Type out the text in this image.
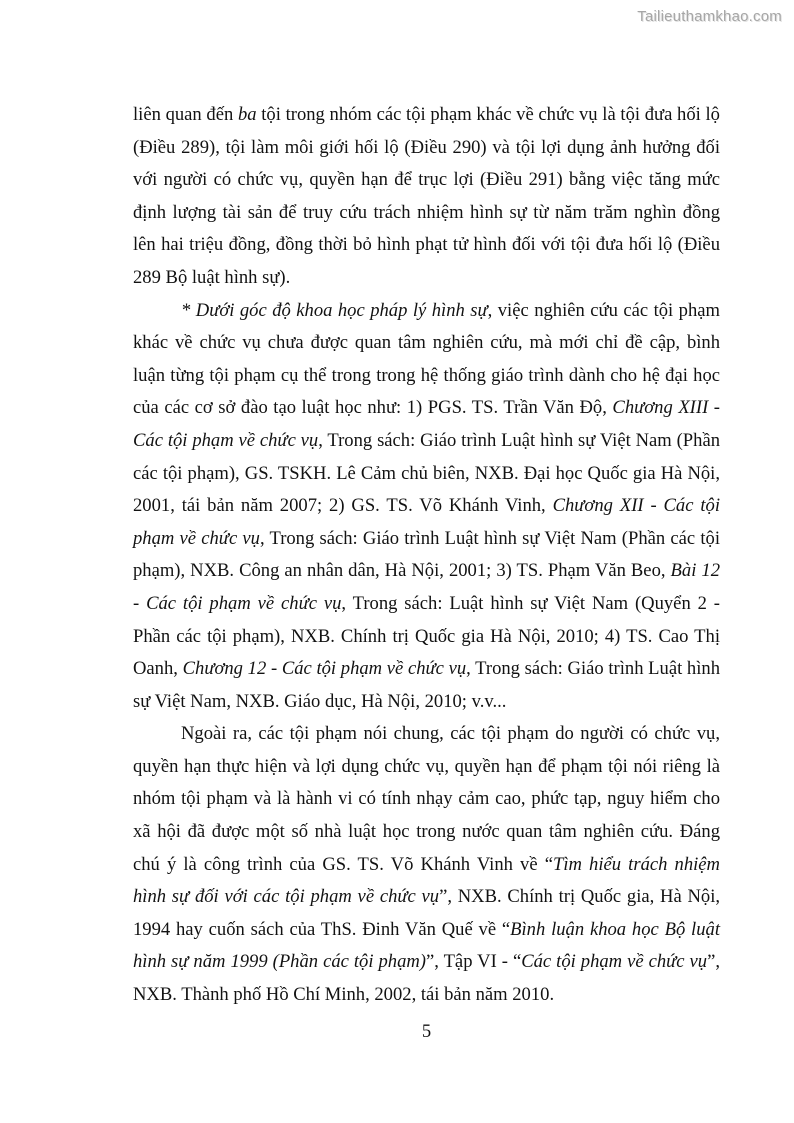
Tailieuthamkhao.com

liên quan đến ba tội trong nhóm các tội phạm khác về chức vụ là tội đưa hối lộ (Điều 289), tội làm môi giới hối lộ (Điều 290) và tội lợi dụng ảnh hưởng đối với người có chức vụ, quyền hạn để trục lợi (Điều 291) bằng việc tăng mức định lượng tài sản để truy cứu trách nhiệm hình sự từ năm trăm nghìn đồng lên hai triệu đồng, đồng thời bỏ hình phạt tử hình đối với tội đưa hối lộ (Điều 289 Bộ luật hình sự).

* Dưới góc độ khoa học pháp lý hình sự, việc nghiên cứu các tội phạm khác về chức vụ chưa được quan tâm nghiên cứu, mà mới chỉ đề cập, bình luận từng tội phạm cụ thể trong trong hệ thống giáo trình dành cho hệ đại học của các cơ sở đào tạo luật học như: 1) PGS. TS. Trần Văn Độ, Chương XIII - Các tội phạm về chức vụ, Trong sách: Giáo trình Luật hình sự Việt Nam (Phần các tội phạm), GS. TSKH. Lê Cảm chủ biên, NXB. Đại học Quốc gia Hà Nội, 2001, tái bản năm 2007; 2) GS. TS. Võ Khánh Vinh, Chương XII - Các tội phạm về chức vụ, Trong sách: Giáo trình Luật hình sự Việt Nam (Phần các tội phạm), NXB. Công an nhân dân, Hà Nội, 2001; 3) TS. Phạm Văn Beo, Bài 12 - Các tội phạm về chức vụ, Trong sách: Luật hình sự Việt Nam (Quyển 2 - Phần các tội phạm), NXB. Chính trị Quốc gia Hà Nội, 2010; 4) TS. Cao Thị Oanh, Chương 12 - Các tội phạm về chức vụ, Trong sách: Giáo trình Luật hình sự Việt Nam, NXB. Giáo dục, Hà Nội, 2010; v.v...

Ngoài ra, các tội phạm nói chung, các tội phạm do người có chức vụ, quyền hạn thực hiện và lợi dụng chức vụ, quyền hạn để phạm tội nói riêng là nhóm tội phạm và là hành vi có tính nhạy cảm cao, phức tạp, nguy hiểm cho xã hội đã được một số nhà luật học trong nước quan tâm nghiên cứu. Đáng chú ý là công trình của GS. TS. Võ Khánh Vinh về “Tìm hiểu trách nhiệm hình sự đối với các tội phạm về chức vụ”, NXB. Chính trị Quốc gia, Hà Nội, 1994 hay cuốn sách của ThS. Đinh Văn Quế về “Bình luận khoa học Bộ luật hình sự năm 1999 (Phần các tội phạm)”, Tập VI - “Các tội phạm về chức vụ”, NXB. Thành phố Hồ Chí Minh, 2002, tái bản năm 2010.

5
